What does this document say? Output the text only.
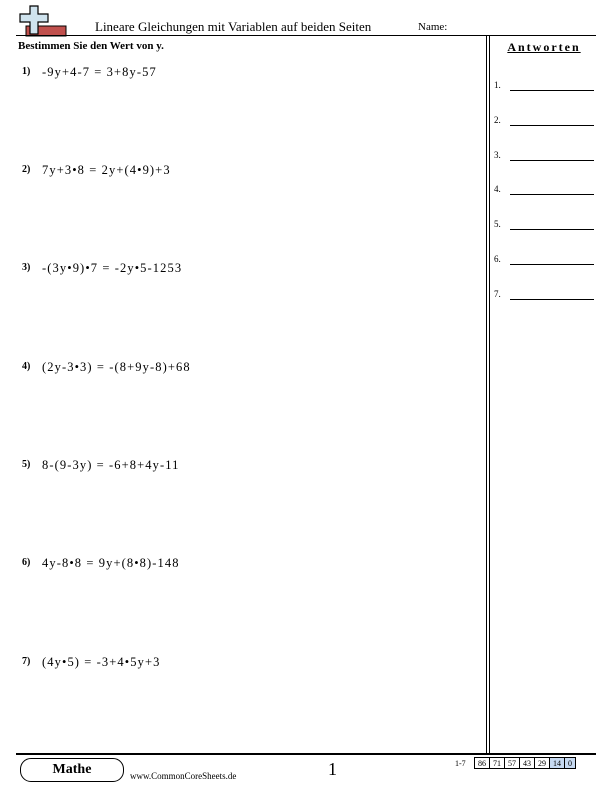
Lineare Gleichungen mit Variablen auf beiden Seiten	Name:
Bestimmen Sie den Wert von y.
1) -9y+4-7 = 3+8y-57
2) 7y+3•8 = 2y+(4•9)+3
3) -(3y•9)•7 = -2y•5-1253
4) (2y-3•3) = -(8+9y-8)+68
5) 8-(9-3y) = -6+8+4y-11
6) 4y-8•8 = 9y+(8•8)-148
7) (4y•5) = -3+4•5y+3
Antworten
1.
2.
3.
4.
5.
6.
7.
Mathe	www.CommonCoreSheets.de	1	1-7 86	71	57	43	29	14	0
